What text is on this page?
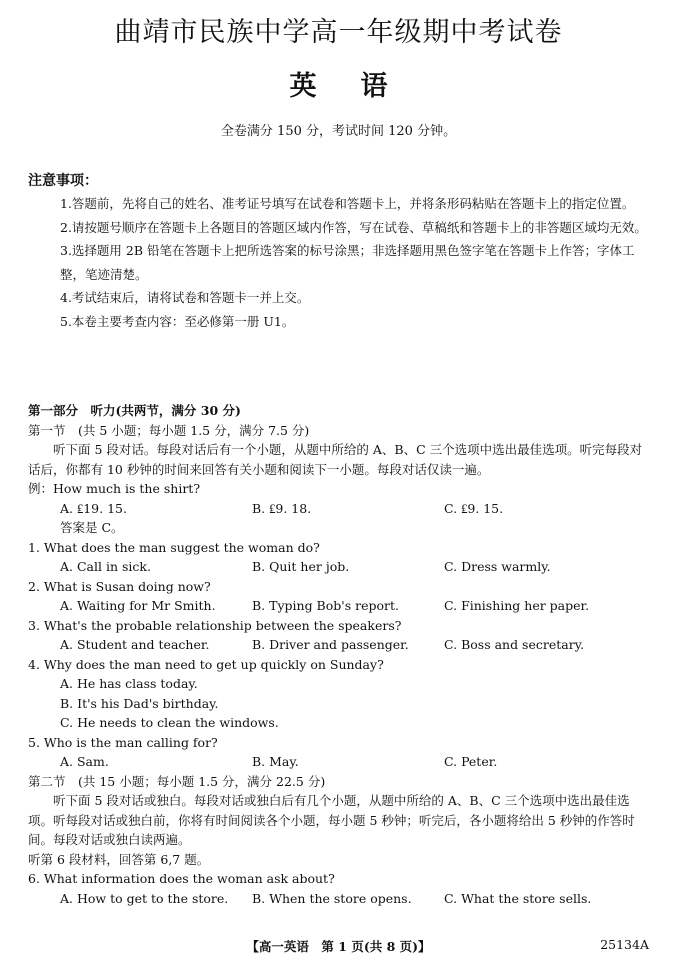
曲靖市民族中学高一年级期中考试卷
英 语
全卷满分 150 分，考试时间 120 分钟。
注意事项：

1.答题前，先将自己的姓名、准考证号填写在试卷和答题卡上，并将条形码粘贴在答题卡上的指定位置。

2.请按题号顺序在答题卡上各题目的答题区域内作答，写在试卷、草稿纸和答题卡上的非答题区域均无效。

3.选择题用 2B 铅笔在答题卡上把所选答案的标号涂黑；非选择题用黑色签字笔在答题卡上作答；字体工整，笔迹清楚。

4.考试结束后，请将试卷和答题卡一并上交。

5.本卷主要考查内容：至必修第一册 U1。

第一部分　听力(共两节，满分 30 分)

第一节　(共 5 小题；每小题 1.5 分，满分 7.5 分)

听下面 5 段对话。每段对话后有一个小题，从题中所给的 A、B、C 三个选项中选出最佳选项。听完每段对话后，你都有 10 秒钟的时间来回答有关小题和阅读下一小题。每段对话仅读一遍。

例：How much is the shirt?

A. ₤19. 15.	B. ₤9. 18.	C. ₤9. 15.

答案是 C。

1. What does the man suggest the woman do?

A. Call in sick.	B. Quit her job.	C. Dress warmly.

2. What is Susan doing now?

A. Waiting for Mr Smith.	B. Typing Bob's report.	C. Finishing her paper.

3. What's the probable relationship between the speakers?

A. Student and teacher.	B. Driver and passenger.	C. Boss and secretary.

4. Why does the man need to get up quickly on Sunday?

A. He has class today.

B. It's his Dad's birthday.

C. He needs to clean the windows.

5. Who is the man calling for?

A. Sam.	B. May.	C. Peter.

第二节　(共 15 小题；每小题 1.5 分，满分 22.5 分)

听下面 5 段对话或独白。每段对话或独白后有几个小题，从题中所给的 A、B、C 三个选项中选出最佳选项。听每段对话或独白前，你将有时间阅读各个小题，每小题 5 秒钟；听完后，各小题将给出 5 秒钟的作答时间。每段对话或独白读两遍。

听第 6 段材料，回答第 6,7 题。

6. What information does the woman ask about?

A. How to get to the store.	B. When the store opens.	C. What the store sells.
【高一英语　第 1 页(共 8 页)】	25134A
